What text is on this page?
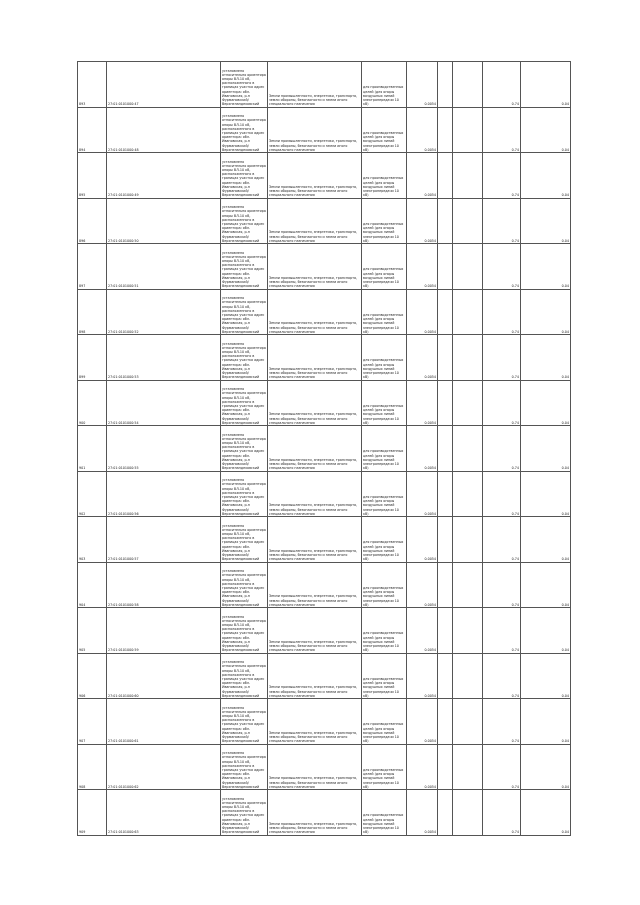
893	27:01:0101000:47	установлено относительно ориентира опоры ВЛ-10 кВ, расположенного в границах участка адрес ориентира: обл. Ивановская, р-н Фурмановский/Верхнеландеховский	Земли промышленности, энергетики, транспорта, земли обороны, безопасности и земли иного специального назначения	для производственных целей (для опоры воздушных линий электропередачи 10 кВ)	0.0054			0.74	0.04
894	27:01:0101000:48	установлено относительно ориентира опоры ВЛ-10 кВ, расположенного в границах участка адрес ориентира: обл. Ивановская, р-н Фурмановский/Верхнеландеховский	Земли промышленности, энергетики, транспорта, земли обороны, безопасности и земли иного специального назначения	для производственных целей (для опоры воздушных линий электропередачи 10 кВ)	0.0054			0.74	0.04
895	27:01:0101000:49	установлено относительно ориентира опоры ВЛ-10 кВ, расположенного в границах участка адрес ориентира: обл. Ивановская, р-н Фурмановский/Верхнеландеховский	Земли промышленности, энергетики, транспорта, земли обороны, безопасности и земли иного специального назначения	для производственных целей (для опоры воздушных линий электропередачи 10 кВ)	0.0054			0.74	0.04
896	27:01:0101000:50	установлено относительно ориентира опоры ВЛ-10 кВ, расположенного в границах участка адрес ориентира: обл. Ивановская, р-н Фурмановский/Верхнеландеховский	Земли промышленности, энергетики, транспорта, земли обороны, безопасности и земли иного специального назначения	для производственных целей (для опоры воздушных линий электропередачи 10 кВ)	0.0054			0.74	0.04
897	27:01:0101000:51	установлено относительно ориентира опоры ВЛ-10 кВ, расположенного в границах участка адрес ориентира: обл. Ивановская, р-н Фурмановский/Верхнеландеховский	Земли промышленности, энергетики, транспорта, земли обороны, безопасности и земли иного специального назначения	для производственных целей (для опоры воздушных линий электропередачи 10 кВ)	0.0054			0.74	0.04
898	27:01:0101000:52	установлено относительно ориентира опоры ВЛ-10 кВ, расположенного в границах участка адрес ориентира: обл. Ивановская, р-н Фурмановский/Верхнеландеховский	Земли промышленности, энергетики, транспорта, земли обороны, безопасности и земли иного специального назначения	для производственных целей (для опоры воздушных линий электропередачи 10 кВ)	0.0054			0.74	0.04
899	27:01:0101000:53	установлено относительно ориентира опоры ВЛ-10 кВ, расположенного в границах участка адрес ориентира: обл. Ивановская, р-н Фурмановский/Верхнеландеховский	Земли промышленности, энергетики, транспорта, земли обороны, безопасности и земли иного специального назначения	для производственных целей (для опоры воздушных линий электропередачи 10 кВ)	0.0054			0.74	0.04
900	27:01:0101000:54	установлено относительно ориентира опоры ВЛ-10 кВ, расположенного в границах участка адрес ориентира: обл. Ивановская, р-н Фурмановский/Верхнеландеховский	Земли промышленности, энергетики, транспорта, земли обороны, безопасности и земли иного специального назначения	для производственных целей (для опоры воздушных линий электропередачи 10 кВ)	0.0054			0.74	0.04
901	27:01:0101000:55	установлено относительно ориентира опоры ВЛ-10 кВ, расположенного в границах участка адрес ориентира: обл. Ивановская, р-н Фурмановский/Верхнеландеховский	Земли промышленности, энергетики, транспорта, земли обороны, безопасности и земли иного специального назначения	для производственных целей (для опоры воздушных линий электропередачи 10 кВ)	0.0054			0.74	0.04
902	27:01:0101000:56	установлено относительно ориентира опоры ВЛ-10 кВ, расположенного в границах участка адрес ориентира: обл. Ивановская, р-н Фурмановский/Верхнеландеховский	Земли промышленности, энергетики, транспорта, земли обороны, безопасности и земли иного специального назначения	для производственных целей (для опоры воздушных линий электропередачи 10 кВ)	0.0054			0.74	0.04
903	27:01:0101000:57	установлено относительно ориентира опоры ВЛ-10 кВ, расположенного в границах участка адрес ориентира: обл. Ивановская, р-н Фурмановский/Верхнеландеховский	Земли промышленности, энергетики, транспорта, земли обороны, безопасности и земли иного специального назначения	для производственных целей (для опоры воздушных линий электропередачи 10 кВ)	0.0054			0.74	0.04
904	27:01:0101000:58	установлено относительно ориентира опоры ВЛ-10 кВ, расположенного в границах участка адрес ориентира: обл. Ивановская, р-н Фурмановский/Верхнеландеховский	Земли промышленности, энергетики, транспорта, земли обороны, безопасности и земли иного специального назначения	для производственных целей (для опоры воздушных линий электропередачи 10 кВ)	0.0054			0.74	0.04
905	27:01:0101000:59	установлено относительно ориентира опоры ВЛ-10 кВ, расположенного в границах участка адрес ориентира: обл. Ивановская, р-н Фурмановский/Верхнеландеховский	Земли промышленности, энергетики, транспорта, земли обороны, безопасности и земли иного специального назначения	для производственных целей (для опоры воздушных линий электропередачи 10 кВ)	0.0054			0.74	0.04
906	27:01:0101000:60	установлено относительно ориентира опоры ВЛ-10 кВ, расположенного в границах участка адрес ориентира: обл. Ивановская, р-н Фурмановский/Верхнеландеховский	Земли промышленности, энергетики, транспорта, земли обороны, безопасности и земли иного специального назначения	для производственных целей (для опоры воздушных линий электропередачи 10 кВ)	0.0054			0.74	0.04
907	27:01:0101000:61	установлено относительно ориентира опоры ВЛ-10 кВ, расположенного в границах участка адрес ориентира: обл. Ивановская, р-н Фурмановский/Верхнеландеховский	Земли промышленности, энергетики, транспорта, земли обороны, безопасности и земли иного специального назначения	для производственных целей (для опоры воздушных линий электропередачи 10 кВ)	0.0054			0.74	0.04
908	27:01:0101000:62	установлено относительно ориентира опоры ВЛ-10 кВ, расположенного в границах участка адрес ориентира: обл. Ивановская, р-н Фурмановский/Верхнеландеховский	Земли промышленности, энергетики, транспорта, земли обороны, безопасности и земли иного специального назначения	для производственных целей (для опоры воздушных линий электропередачи 10 кВ)	0.0054			0.74	0.04
909	27:01:0101000:63	установлено относительно ориентира опоры ВЛ-10 кВ, расположенного в границах участка адрес ориентира: обл. Ивановская, р-н Фурмановский/Верхнеландеховский	Земли промышленности, энергетики, транспорта, земли обороны, безопасности и земли иного специального назначения	для производственных целей (для опоры воздушных линий электропередачи 10 кВ)	0.0054			0.74	0.04
